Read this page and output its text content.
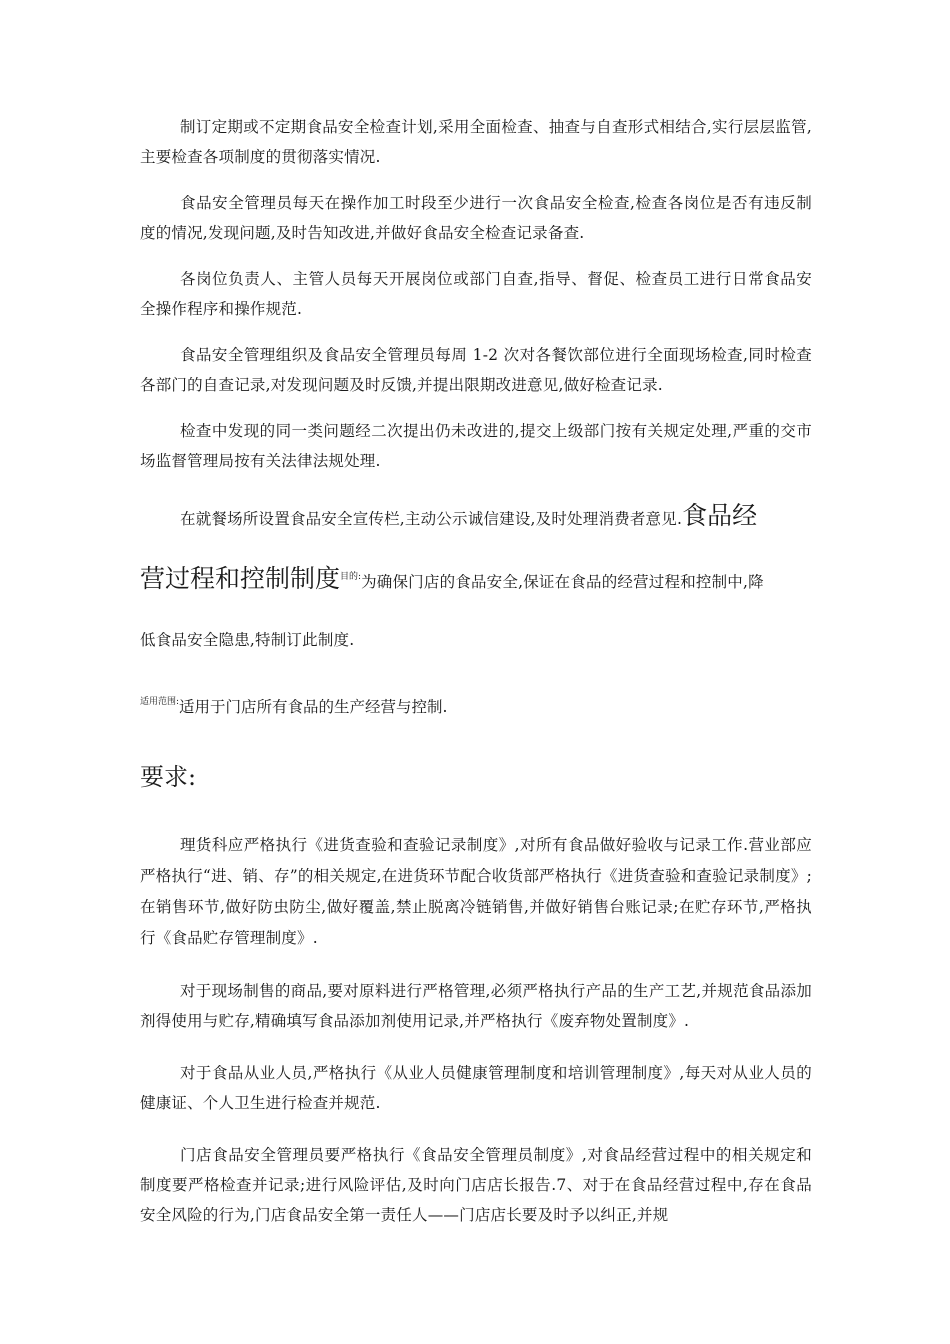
制订定期或不定期食品安全检查计划,采用全面检查、抽查与自查形式相结合,实行层层监管,主要检查各项制度的贯彻落实情况.

食品安全管理员每天在操作加工时段至少进行一次食品安全检查,检查各岗位是否有违反制度的情况,发现问题,及时告知改进,并做好食品安全检查记录备查.

各岗位负责人、主管人员每天开展岗位或部门自查,指导、督促、检查员工进行日常食品安全操作程序和操作规范.

食品安全管理组织及食品安全管理员每周 1-2 次对各餐饮部位进行全面现场检查,同时检查各部门的自查记录,对发现问题及时反馈,并提出限期改进意见,做好检查记录.

检查中发现的同一类问题经二次提出仍未改进的,提交上级部门按有关规定处理,严重的交市场监督管理局按有关法律法规处理.

在就餐场所设置食品安全宣传栏,主动公示诚信建设,及时处理消费者意见.食品经

营过程和控制制度$^{目的:}$为确保门店的食品安全,保证在食品的经营过程和控制中,降

低食品安全隐患,特制订此制度.

$^{适用范围:}$适用于门店所有食品的生产经营与控制.

要求:

理货科应严格执行《进货查验和查验记录制度》,对所有食品做好验收与记录工作.营业部应严格执行“进、销、存”的相关规定,在进货环节配合收货部严格执行《进货查验和查验记录制度》;在销售环节,做好防虫防尘,做好覆盖,禁止脱离冷链销售,并做好销售台账记录;在贮存环节,严格执行《食品贮存管理制度》.

对于现场制售的商品,要对原料进行严格管理,必须严格执行产品的生产工艺,并规范食品添加剂得使用与贮存,精确填写食品添加剂使用记录,并严格执行《废弃物处置制度》.

对于食品从业人员,严格执行《从业人员健康管理制度和培训管理制度》,每天对从业人员的健康证、个人卫生进行检查并规范.

门店食品安全管理员要严格执行《食品安全管理员制度》,对食品经营过程中的相关规定和制度要严格检查并记录;进行风险评估,及时向门店店长报告.7、对于在食品经营过程中,存在食品安全风险的行为,门店食品安全第一责任人——门店店长要及时予以纠正,并规
